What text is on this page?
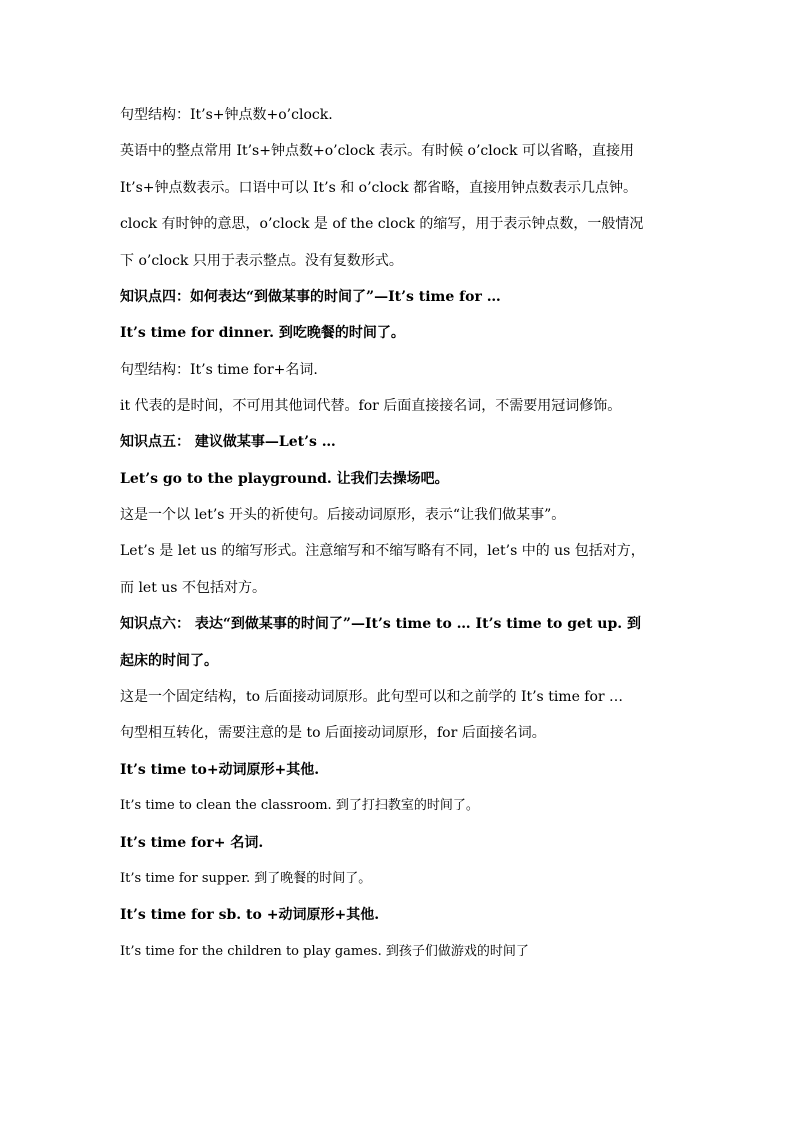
句型结构：It’s+钟点数+o’clock.
英语中的整点常用 It’s+钟点数+o’clock 表示。有时候 o’clock 可以省略，直接用
It’s+钟点数表示。口语中可以 It’s 和 o’clock 都省略，直接用钟点数表示几点钟。
clock 有时钟的意思，o’clock 是 of the clock 的缩写，用于表示钟点数，一般情况
下 o’clock 只用于表示整点。没有复数形式。
知识点四：如何表达“到做某事的时间了”—It’s time for …
It’s time for dinner. 到吃晚餐的时间了。
句型结构：It’s time for+名词.
it 代表的是时间，不可用其他词代替。for 后面直接接名词，不需要用冠词修饰。
知识点五： 建议做某事—Let’s …
Let’s go to the playground. 让我们去操场吧。
这是一个以 let’s 开头的祈使句。后接动词原形，表示“让我们做某事”。
Let’s 是 let us 的缩写形式。注意缩写和不缩写略有不同，let’s 中的 us 包括对方，
而 let us 不包括对方。
知识点六： 表达“到做某事的时间了”—It’s time to … It’s time to get up. 到
起床的时间了。
这是一个固定结构，to 后面接动词原形。此句型可以和之前学的 It’s time for …
句型相互转化，需要注意的是 to 后面接动词原形，for 后面接名词。
It’s time to+动词原形+其他.
It’s time to clean the classroom. 到了打扫教室的时间了。
It’s time for+ 名词.
It’s time for supper. 到了晚餐的时间了。
It’s time for sb. to +动词原形+其他.
It’s time for the children to play games. 到孩子们做游戏的时间了
